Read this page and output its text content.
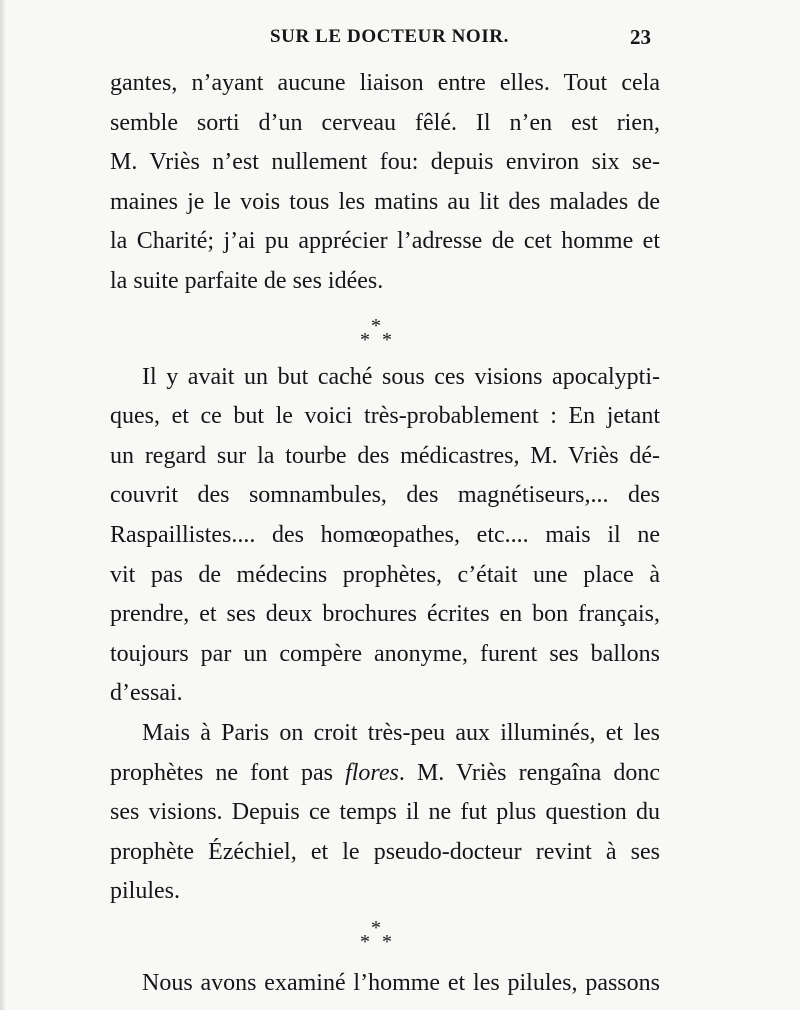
SUR LE DOCTEUR NOIR.	23
gantes, n’ayant aucune liaison entre elles. Tout cela
semble sorti d’un cerveau fêlé. Il n’en est rien,
M. Vriès n’est nullement fou: depuis environ six se-
maines je le vois tous les matins au lit des malades de
la Charité; j’ai pu apprécier l’adresse de cet homme et
la suite parfaite de ses idées.
*
* *
Il y avait un but caché sous ces visions apocalypti-
ques, et ce but le voici très-probablement : En jetant
un regard sur la tourbe des médicastres, M. Vriès dé-
couvrit des somnambules, des magnétiseurs,... des
Raspaillistes.... des homœopathes, etc.... mais il ne
vit pas de médecins prophètes, c’était une place à
prendre, et ses deux brochures écrites en bon français,
toujours par un compère anonyme, furent ses ballons
d’essai.
Mais à Paris on croit très-peu aux illuminés, et les
prophètes ne font pas flores. M. Vriès rengaîna donc
ses visions. Depuis ce temps il ne fut plus question du
prophète Ézéchiel, et le pseudo-docteur revint à ses
pilules.
*
* *
Nous avons examiné l’homme et les pilules, passons
